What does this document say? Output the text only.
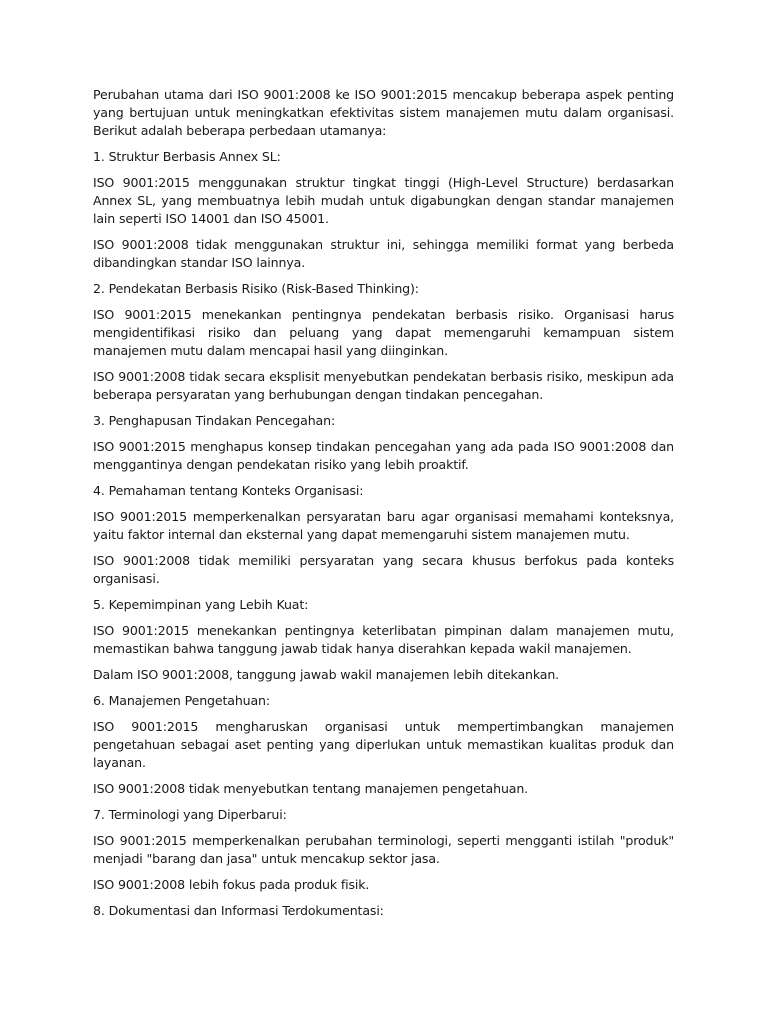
Perubahan utama dari ISO 9001:2008 ke ISO 9001:2015 mencakup beberapa aspek penting yang bertujuan untuk meningkatkan efektivitas sistem manajemen mutu dalam organisasi. Berikut adalah beberapa perbedaan utamanya:

1. Struktur Berbasis Annex SL:

ISO 9001:2015 menggunakan struktur tingkat tinggi (High-Level Structure) berdasarkan Annex SL, yang membuatnya lebih mudah untuk digabungkan dengan standar manajemen lain seperti ISO 14001 dan ISO 45001.

ISO 9001:2008 tidak menggunakan struktur ini, sehingga memiliki format yang berbeda dibandingkan standar ISO lainnya.

2. Pendekatan Berbasis Risiko (Risk-Based Thinking):

ISO 9001:2015 menekankan pentingnya pendekatan berbasis risiko. Organisasi harus mengidentifikasi risiko dan peluang yang dapat memengaruhi kemampuan sistem manajemen mutu dalam mencapai hasil yang diinginkan.

ISO 9001:2008 tidak secara eksplisit menyebutkan pendekatan berbasis risiko, meskipun ada beberapa persyaratan yang berhubungan dengan tindakan pencegahan.

3. Penghapusan Tindakan Pencegahan:

ISO 9001:2015 menghapus konsep tindakan pencegahan yang ada pada ISO 9001:2008 dan menggantinya dengan pendekatan risiko yang lebih proaktif.

4. Pemahaman tentang Konteks Organisasi:

ISO 9001:2015 memperkenalkan persyaratan baru agar organisasi memahami konteksnya, yaitu faktor internal dan eksternal yang dapat memengaruhi sistem manajemen mutu.

ISO 9001:2008 tidak memiliki persyaratan yang secara khusus berfokus pada konteks organisasi.

5. Kepemimpinan yang Lebih Kuat:

ISO 9001:2015 menekankan pentingnya keterlibatan pimpinan dalam manajemen mutu, memastikan bahwa tanggung jawab tidak hanya diserahkan kepada wakil manajemen.

Dalam ISO 9001:2008, tanggung jawab wakil manajemen lebih ditekankan.

6. Manajemen Pengetahuan:

ISO 9001:2015 mengharuskan organisasi untuk mempertimbangkan manajemen pengetahuan sebagai aset penting yang diperlukan untuk memastikan kualitas produk dan layanan.

ISO 9001:2008 tidak menyebutkan tentang manajemen pengetahuan.

7. Terminologi yang Diperbarui:

ISO 9001:2015 memperkenalkan perubahan terminologi, seperti mengganti istilah "produk" menjadi "barang dan jasa" untuk mencakup sektor jasa.

ISO 9001:2008 lebih fokus pada produk fisik.

8. Dokumentasi dan Informasi Terdokumentasi:
